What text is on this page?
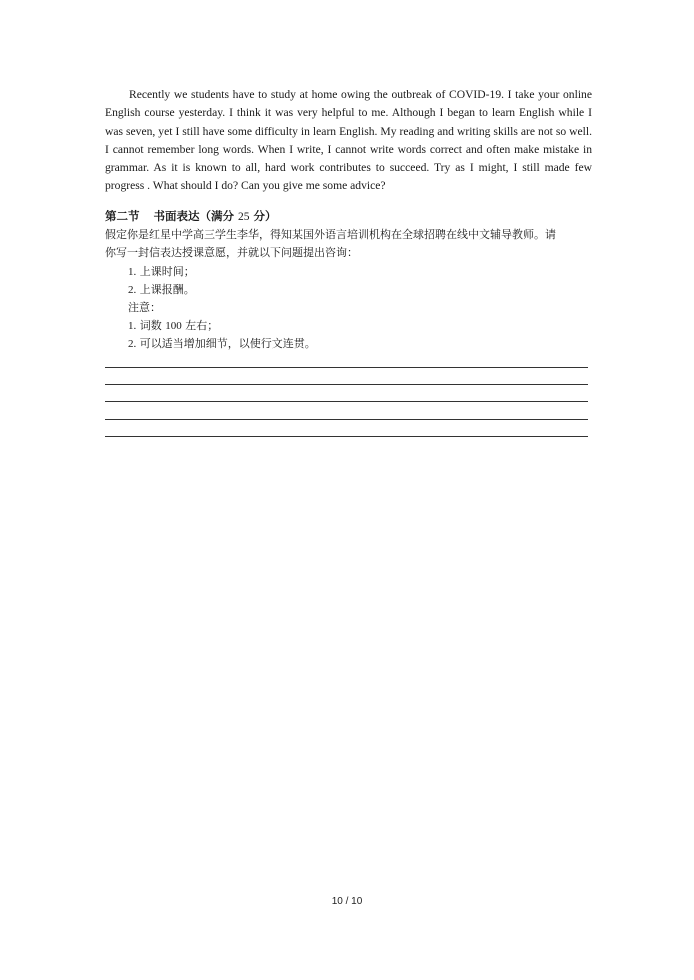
Recently we students have to study at home owing the outbreak of COVID-19. I take your online English course yesterday. I think it was very helpful to me. Although I began to learn English while I was seven, yet I still have some difficulty in learn English. My reading and writing skills are not so well. I cannot remember long words. When I write, I cannot write words correct and often make mistake in grammar. As it is known to all, hard work contributes to succeed. Try as I might, I still made few progress . What should I do? Can you give me some advice?

第二节 书面表达（满分 25 分）

假定你是红星中学高三学生李华，得知某国外语言培训机构在全球招聘在线中文辅导教师。请你写一封信表达授课意愿，并就以下问题提出咨询：

1. 上课时间；
2. 上课报酬。
注意：
1. 词数 100 左右；
2. 可以适当增加细节，以使行文连贯。
10 / 10
